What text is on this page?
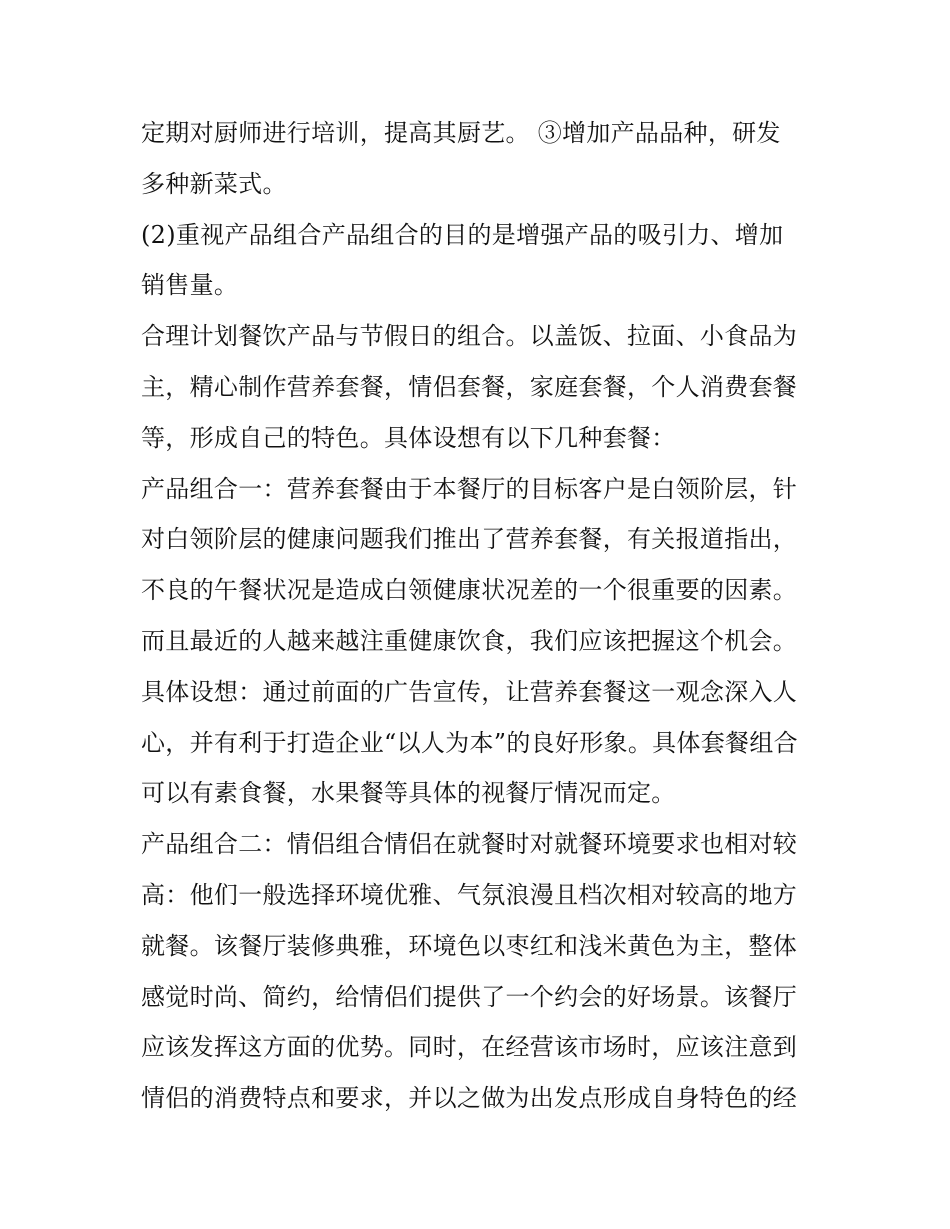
定期对厨师进行培训，提高其厨艺。 ③增加产品品种，研发
多种新菜式。
(2)重视产品组合产品组合的目的是增强产品的吸引力、增加
销售量。
合理计划餐饮产品与节假日的组合。以盖饭、拉面、小食品为
主，精心制作营养套餐，情侣套餐，家庭套餐，个人消费套餐
等，形成自己的特色。具体设想有以下几种套餐：
产品组合一：营养套餐由于本餐厅的目标客户是白领阶层，针
对白领阶层的健康问题我们推出了营养套餐，有关报道指出，
不良的午餐状况是造成白领健康状况差的一个很重要的因素。
而且最近的人越来越注重健康饮食，我们应该把握这个机会。
具体设想：通过前面的广告宣传，让营养套餐这一观念深入人
心，并有利于打造企业“以人为本”的良好形象。具体套餐组合
可以有素食餐，水果餐等具体的视餐厅情况而定。
产品组合二：情侣组合情侣在就餐时对就餐环境要求也相对较
高：他们一般选择环境优雅、气氛浪漫且档次相对较高的地方
就餐。该餐厅装修典雅，环境色以枣红和浅米黄色为主，整体
感觉时尚、简约，给情侣们提供了一个约会的好场景。该餐厅
应该发挥这方面的优势。同时，在经营该市场时，应该注意到
情侣的消费特点和要求，并以之做为出发点形成自身特色的经
